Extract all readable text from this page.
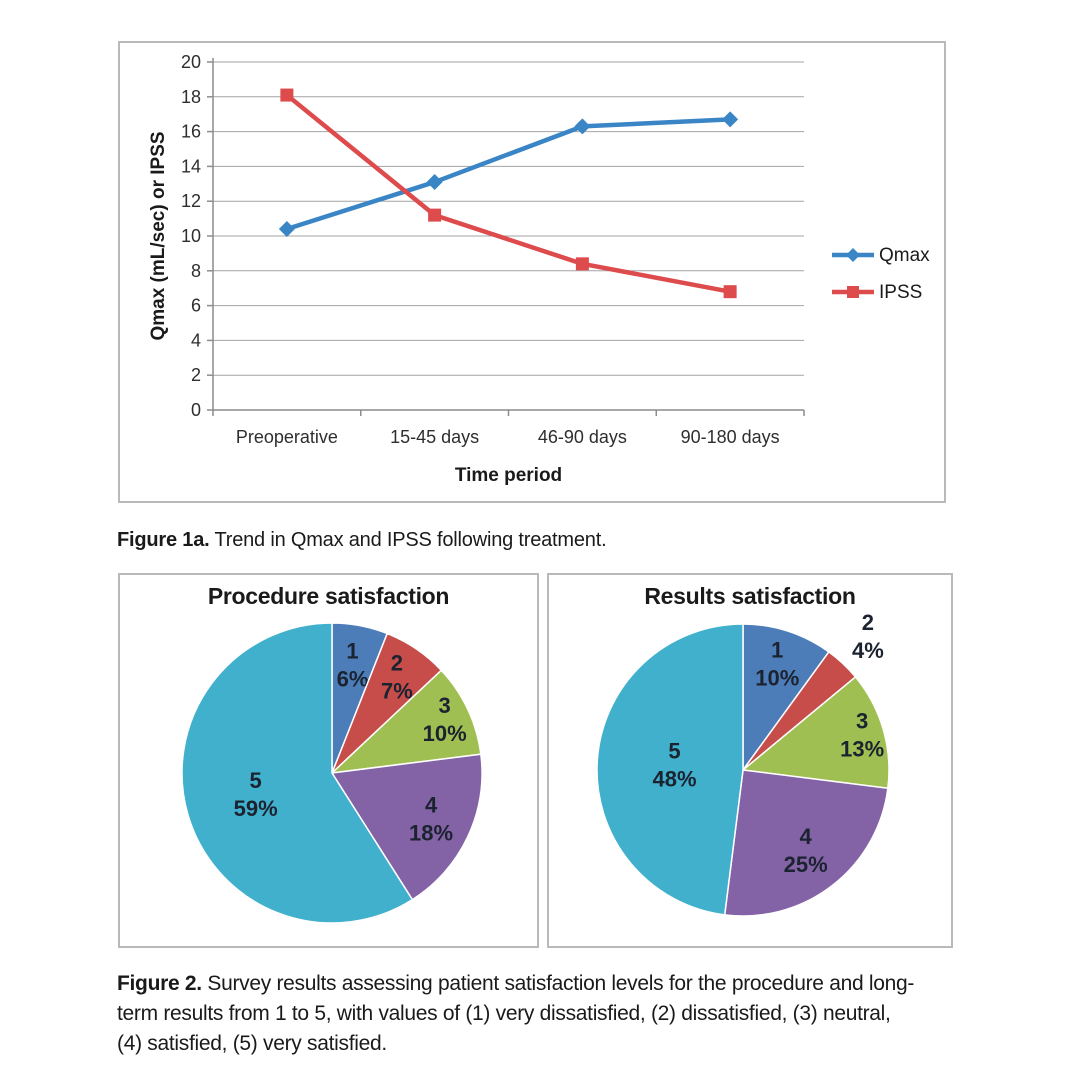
0
2
4
6
8
10
12
14
16
18
20
Preoperative	15-45 days	46-90 days	90-180 days
Time period
Qmax (mL/sec) or IPSS	Qmax
IPSS

Figure 1a. Trend in Qmax and IPSS following treatment.

Procedure satisfaction
1
6%
2
7%
3
10%
4
18%
5
59%
Results satisfaction
1
10%
2
4%
3
13%
4
25%
5
48%
Figure 2. Survey results assessing patient satisfaction levels for the procedure and long-
term results from 1 to 5, with values of (1) very dissatisfied, (2) dissatisfied, (3) neutral,
(4) satisfied, (5) very satisfied.
